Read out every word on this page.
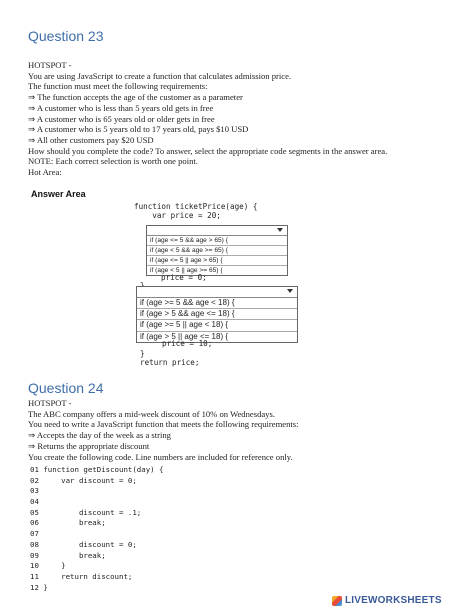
Question 23
HOTSPOT -
You are using JavaScript to create a function that calculates admission price.
The function must meet the following requirements:
⇒ The function accepts the age of the customer as a parameter
⇒ A customer who is less than 5 years old gets in free
⇒ A customer who is 65 years old or older gets in free
⇒ A customer who is 5 years old to 17 years old, pays $10 USD
⇒ All other customers pay $20 USD
How should you complete the code? To answer, select the appropriate code segments in the answer area.
NOTE: Each correct selection is worth one point.
Hot Area:
Answer Area
function ticketPrice(age) {
var price = 20;
if (age <= 5 && age > 65) {
if (age < 5 && age >= 65) {
if (age <= 5 || age > 65) {
if (age < 5 || age >= 65) {
price = 0;
if (age >= 5 && age < 18) {
if (age > 5 && age <= 18) {
if (age >= 5 || age < 18) {
if (age > 5 || age <= 18) {
price = 10;
}
return price;
Question 24
HOTSPOT -
The ABC company offers a mid-week discount of 10% on Wednesdays.
You need to write a JavaScript function that meets the following requirements:
⇒ Accepts the day of the week as a string
⇒ Returns the appropriate discount
You create the following code. Line numbers are included for reference only.
01 function getDiscount(day) {
02     var discount = 0;
03
04
05         discount = .1;
06         break;
07
08         discount = 0;
09         break;
10     }
11     return discount;
12 }
LIVEWORKSHEETS
